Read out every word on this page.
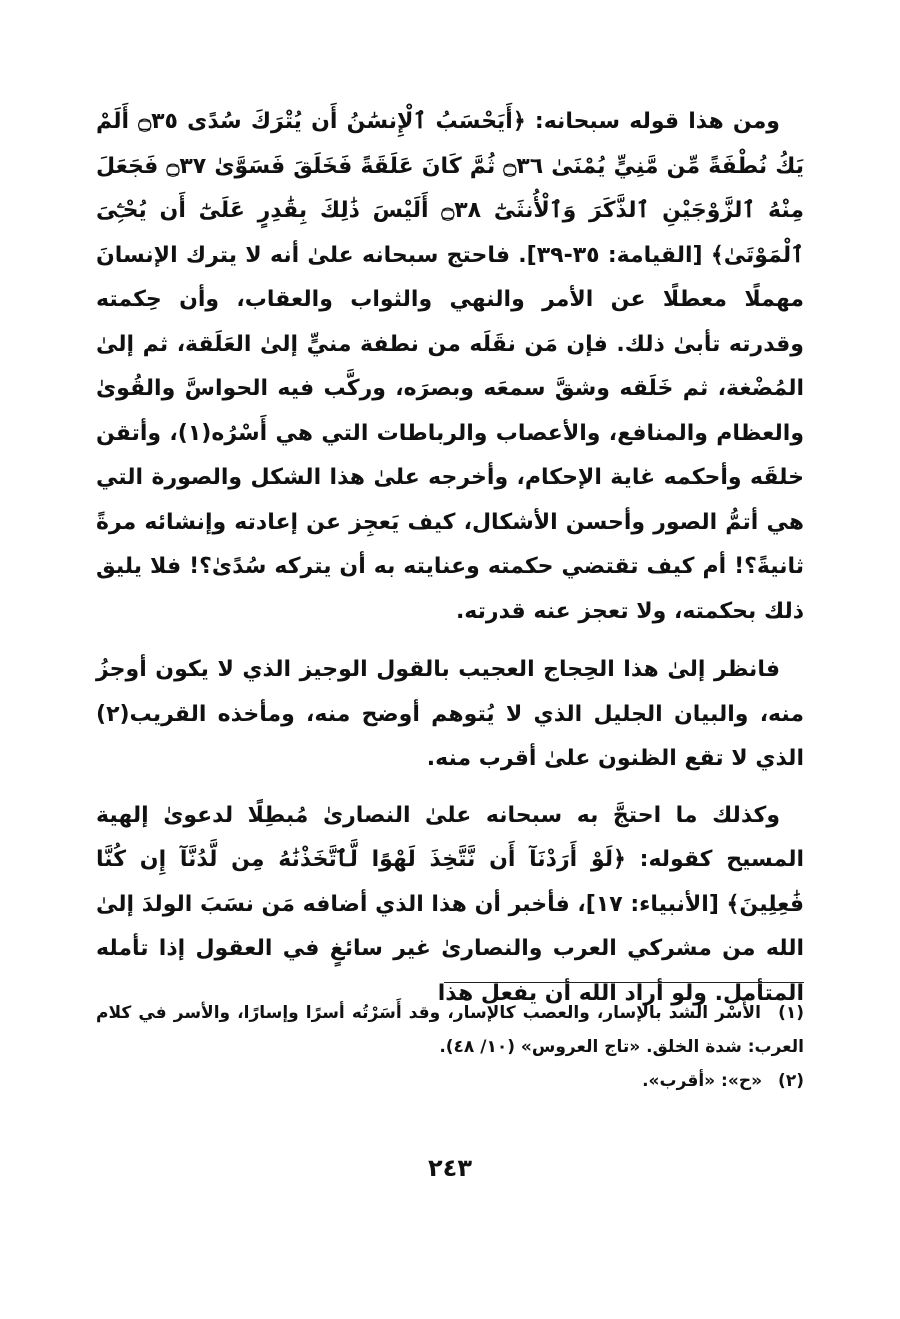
ومن هذا قوله سبحانه: ﴿أَيَحْسَبُ ٱلْإِنسَٰنُ أَن يُتْرَكَ سُدًى ۝٣٥ أَلَمْ يَكُ نُطْفَةً مِّن مَّنِيٍّ يُمْنَىٰ ۝٣٦ ثُمَّ كَانَ عَلَقَةً فَخَلَقَ فَسَوَّىٰ ۝٣٧ فَجَعَلَ مِنْهُ ٱلزَّوْجَيْنِ ٱلذَّكَرَ وَٱلْأُنثَىٰٓ ۝٣٨ أَلَيْسَ ذَٰلِكَ بِقَٰدِرٍ عَلَىٰٓ أَن يُحْـِۧىَ ٱلْمَوْتَىٰ﴾ [القيامة: ٣٥-٣٩]. فاحتج سبحانه علىٰ أنه لا يترك الإنسانَ مهملًا معطلًا عن الأمر والنهي والثواب والعقاب، وأن حِكمته وقدرته تأبىٰ ذلك. فإن مَن نقَلَه من نطفة منيٍّ إلىٰ العَلَقة، ثم إلىٰ المُضْغة، ثم خَلَقه وشقَّ سمعَه وبصرَه، وركَّب فيه الحواسَّ والقُوىٰ والعظام والمنافع، والأعصاب والرباطات التي هي أَسْرُه(١)، وأتقن خلقَه وأحكمه غاية الإحكام، وأخرجه علىٰ هذا الشكل والصورة التي هي أتمُّ الصور وأحسن الأشكال، كيف يَعجِز عن إعادته وإنشائه مرةً ثانيةً؟! أم كيف تقتضي حكمته وعنايته به أن يتركه سُدًىٰ؟! فلا يليق ذلك بحكمته، ولا تعجز عنه قدرته.

فانظر إلىٰ هذا الحِجاج العجيب بالقول الوجيز الذي لا يكون أوجزُ منه، والبيان الجليل الذي لا يُتوهم أوضح منه، ومأخذه القريب(٢) الذي لا تقع الظنون علىٰ أقرب منه.

وكذلك ما احتجَّ به سبحانه علىٰ النصارىٰ مُبطِلًا لدعوىٰ إلهية المسيح كقوله: ﴿لَوْ أَرَدْنَآ أَن نَّتَّخِذَ لَهْوًا لَّٱتَّخَذْنَٰهُ مِن لَّدُنَّآ إِن كُنَّا فَٰعِلِينَ﴾ [الأنبياء: ١٧]، فأخبر أن هذا الذي أضافه مَن نسَبَ الولدَ إلىٰ الله من مشركي العرب والنصارىٰ غير سائغٍ في العقول إذا تأمله المتأمل. ولو أراد الله أن يفعل هذا

(١) الأَسْر الشد بالإسار، والعصب كالإسار، وقد أَسَرْتُه أسرًا وإسارًا، والأسر في كلام العرب: شدة الخلق. «تاج العروس» (١٠/ ٤٨).

(٢) «ح»: «أقرب».

٢٤٣
